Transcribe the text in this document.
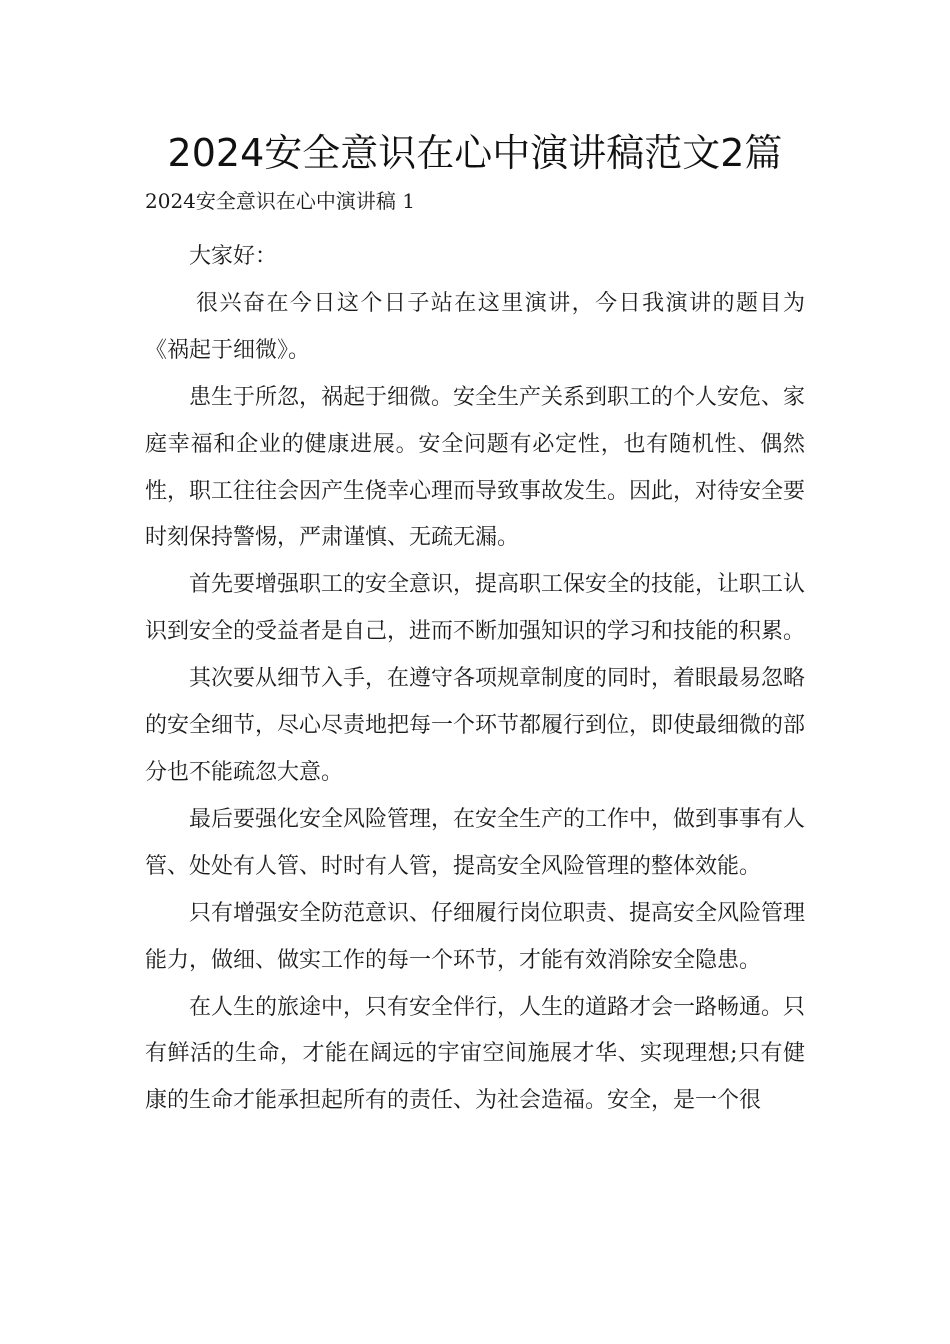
2024安全意识在心中演讲稿范文2篇
2024安全意识在心中演讲稿 1

大家好：

很兴奋在今日这个日子站在这里演讲，今日我演讲的题目为《祸起于细微》。

患生于所忽，祸起于细微。安全生产关系到职工的个人安危、家庭幸福和企业的健康进展。安全问题有必定性，也有随机性、偶然性，职工往往会因产生侥幸心理而导致事故发生。因此，对待安全要时刻保持警惕，严肃谨慎、无疏无漏。

首先要增强职工的安全意识，提高职工保安全的技能，让职工认识到安全的受益者是自己，进而不断加强知识的学习和技能的积累。

其次要从细节入手，在遵守各项规章制度的同时，着眼最易忽略的安全细节，尽心尽责地把每一个环节都履行到位，即使最细微的部分也不能疏忽大意。

最后要强化安全风险管理，在安全生产的工作中，做到事事有人管、处处有人管、时时有人管，提高安全风险管理的整体效能。

只有增强安全防范意识、仔细履行岗位职责、提高安全风险管理能力，做细、做实工作的每一个环节，才能有效消除安全隐患。

在人生的旅途中，只有安全伴行，人生的道路才会一路畅通。只有鲜活的生命，才能在阔远的宇宙空间施展才华、实现理想;只有健康的生命才能承担起所有的责任、为社会造福。安全，是一个很
